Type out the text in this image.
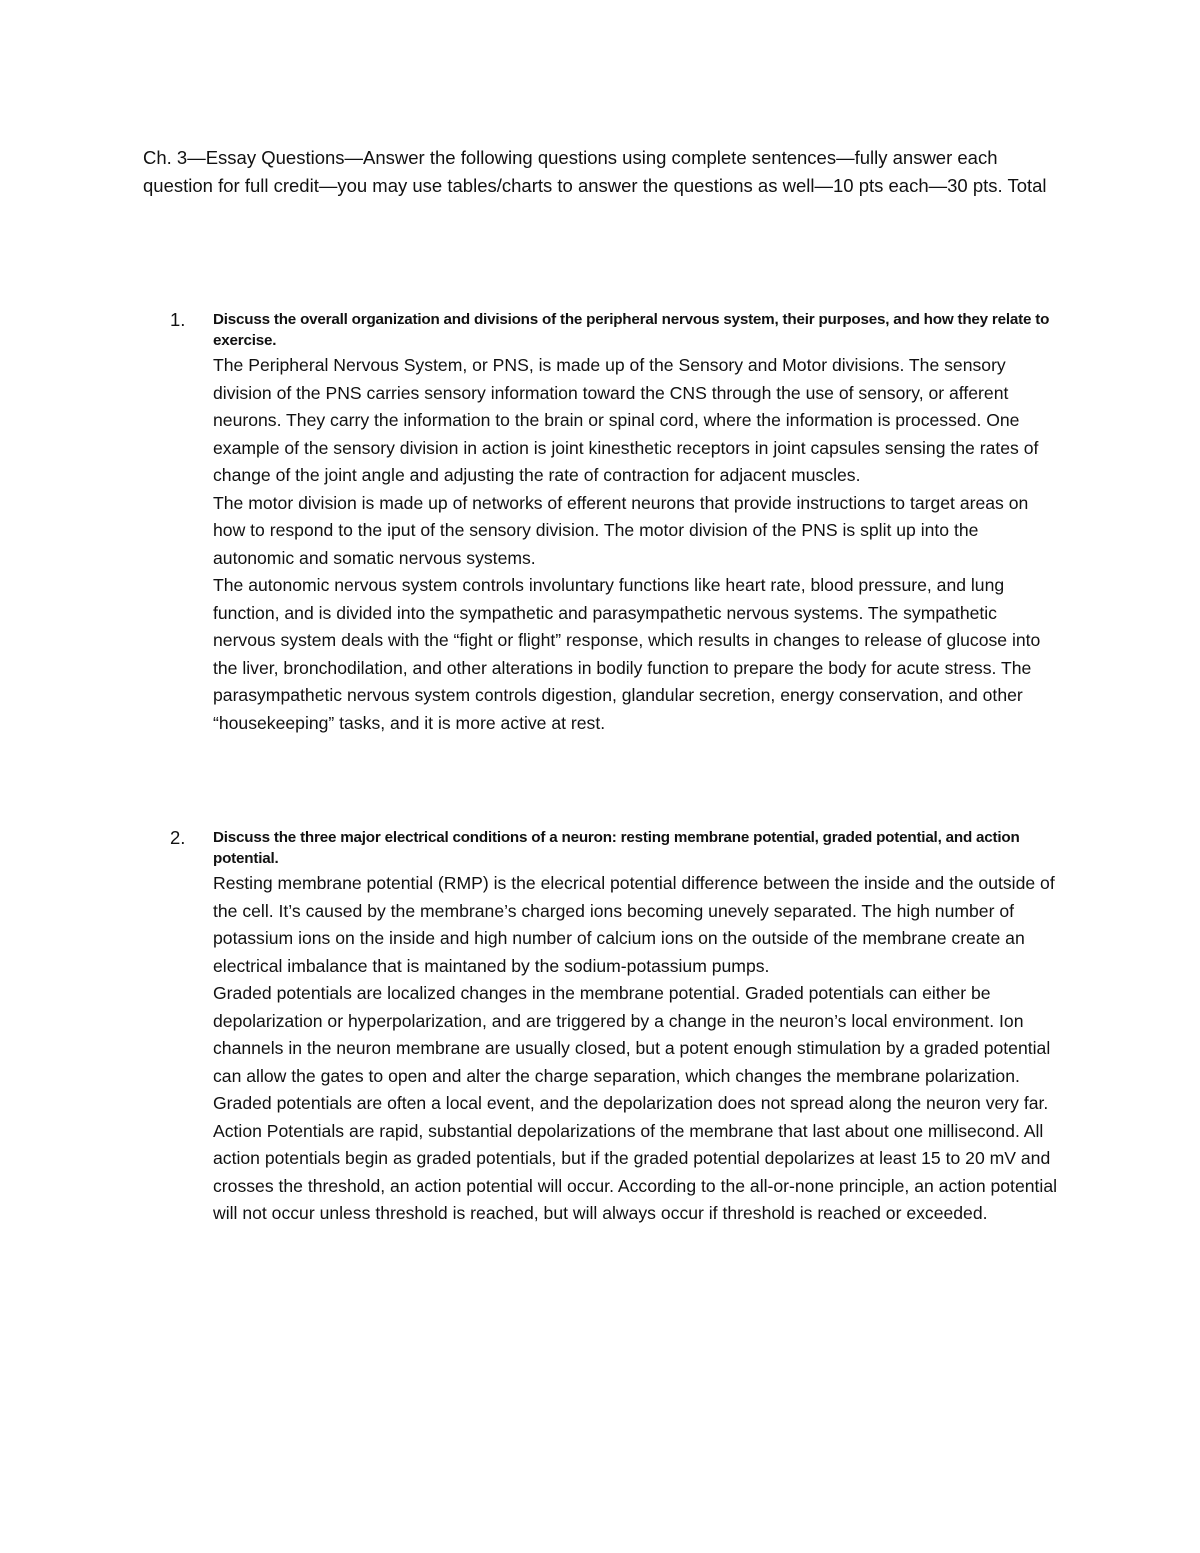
Ch. 3—Essay Questions—Answer the following questions using complete sentences—fully answer each question for full credit—you may use tables/charts to answer the questions as well—10 pts each—30 pts. Total
1.	Discuss the overall organization and divisions of the peripheral nervous system, their purposes, and how they relate to exercise.

The Peripheral Nervous System, or PNS, is made up of the Sensory and Motor divisions. The sensory division of the PNS carries sensory information toward the CNS through the use of sensory, or afferent neurons. They carry the information to the brain or spinal cord, where the information is processed. One example of the sensory division in action is joint kinesthetic receptors in joint capsules sensing the rates of change of the joint angle and adjusting the rate of contraction for adjacent muscles.

The motor division is made up of networks of efferent neurons that provide instructions to target areas on how to respond to the iput of the sensory division. The motor division of the PNS is split up into the autonomic and somatic nervous systems.

The autonomic nervous system controls involuntary functions like heart rate, blood pressure, and lung function, and is divided into the sympathetic and parasympathetic nervous systems. The sympathetic nervous system deals with the “fight or flight” response, which results in changes to release of glucose into the liver, bronchodilation, and other alterations in bodily function to prepare the body for acute stress. The parasympathetic nervous system controls digestion, glandular secretion, energy conservation, and other “housekeeping” tasks, and it is more active at rest.

2.	Discuss the three major electrical conditions of a neuron: resting membrane potential, graded potential, and action potential.

Resting membrane potential (RMP) is the elecrical potential difference between the inside and the outside of the cell. It’s caused by the membrane’s charged ions becoming unevely separated. The high number of potassium ions on the inside and high number of calcium ions on the outside of the membrane create an electrical imbalance that is maintaned by the sodium-potassium pumps.

Graded potentials are localized changes in the membrane potential. Graded potentials can either be depolarization or hyperpolarization, and are triggered by a change in the neuron’s local environment. Ion channels in the neuron membrane are usually closed, but a potent enough stimulation by a graded potential can allow the gates to open and alter the charge separation, which changes the membrane polarization. Graded potentials are often a local event, and the depolarization does not spread along the neuron very far.

Action Potentials are rapid, substantial depolarizations of the membrane that last about one millisecond. All action potentials begin as graded potentials, but if the graded potential depolarizes at least 15 to 20 mV and crosses the threshold, an action potential will occur. According to the all-or-none principle, an action potential will not occur unless threshold is reached, but will always occur if threshold is reached or exceeded.
